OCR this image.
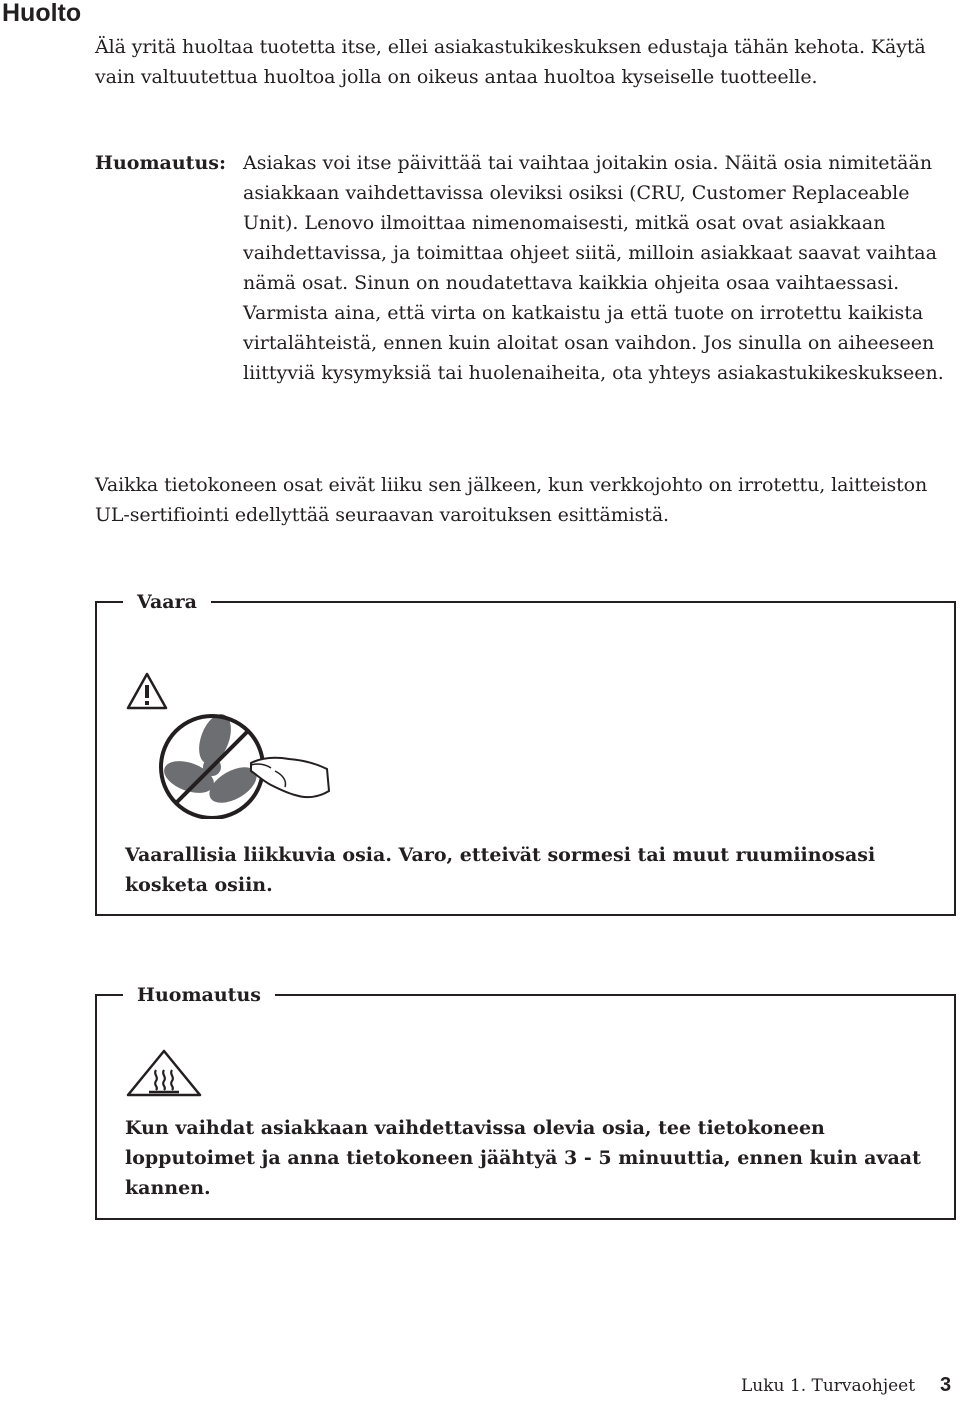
Huolto

Älä yritä huoltaa tuotetta itse, ellei asiakastukikeskuksen edustaja tähän kehota. Käytä vain valtuutettua huoltoa jolla on oikeus antaa huoltoa kyseiselle tuotteelle.

Huomautus: Asiakas voi itse päivittää tai vaihtaa joitakin osia. Näitä osia nimitetään asiakkaan vaihdettavissa oleviksi osiksi (CRU, Customer Replaceable Unit). Lenovo ilmoittaa nimenomaisesti, mitkä osat ovat asiakkaan vaihdettavissa, ja toimittaa ohjeet siitä, milloin asiakkaat saavat vaihtaa nämä osat. Sinun on noudatettava kaikkia ohjeita osaa vaihtaessasi. Varmista aina, että virta on katkaistu ja että tuote on irrotettu kaikista virtalähteistä, ennen kuin aloitat osan vaihdon. Jos sinulla on aiheeseen liittyviä kysymyksiä tai huolenaiheita, ota yhteys asiakastukikeskukseen.

Vaikka tietokoneen osat eivät liiku sen jälkeen, kun verkkojohto on irrotettu, laitteiston UL-sertifiointi edellyttää seuraavan varoituksen esittämistä.

Vaara

Vaarallisia liikkuvia osia. Varo, etteivät sormesi tai muut ruumiinosasi kosketa osiin.

Huomautus

Kun vaihdat asiakkaan vaihdettavissa olevia osia, tee tietokoneen lopputoimet ja anna tietokoneen jäähtyä 3 - 5 minuuttia, ennen kuin avaat kannen.

Luku 1. Turvaohjeet 3
